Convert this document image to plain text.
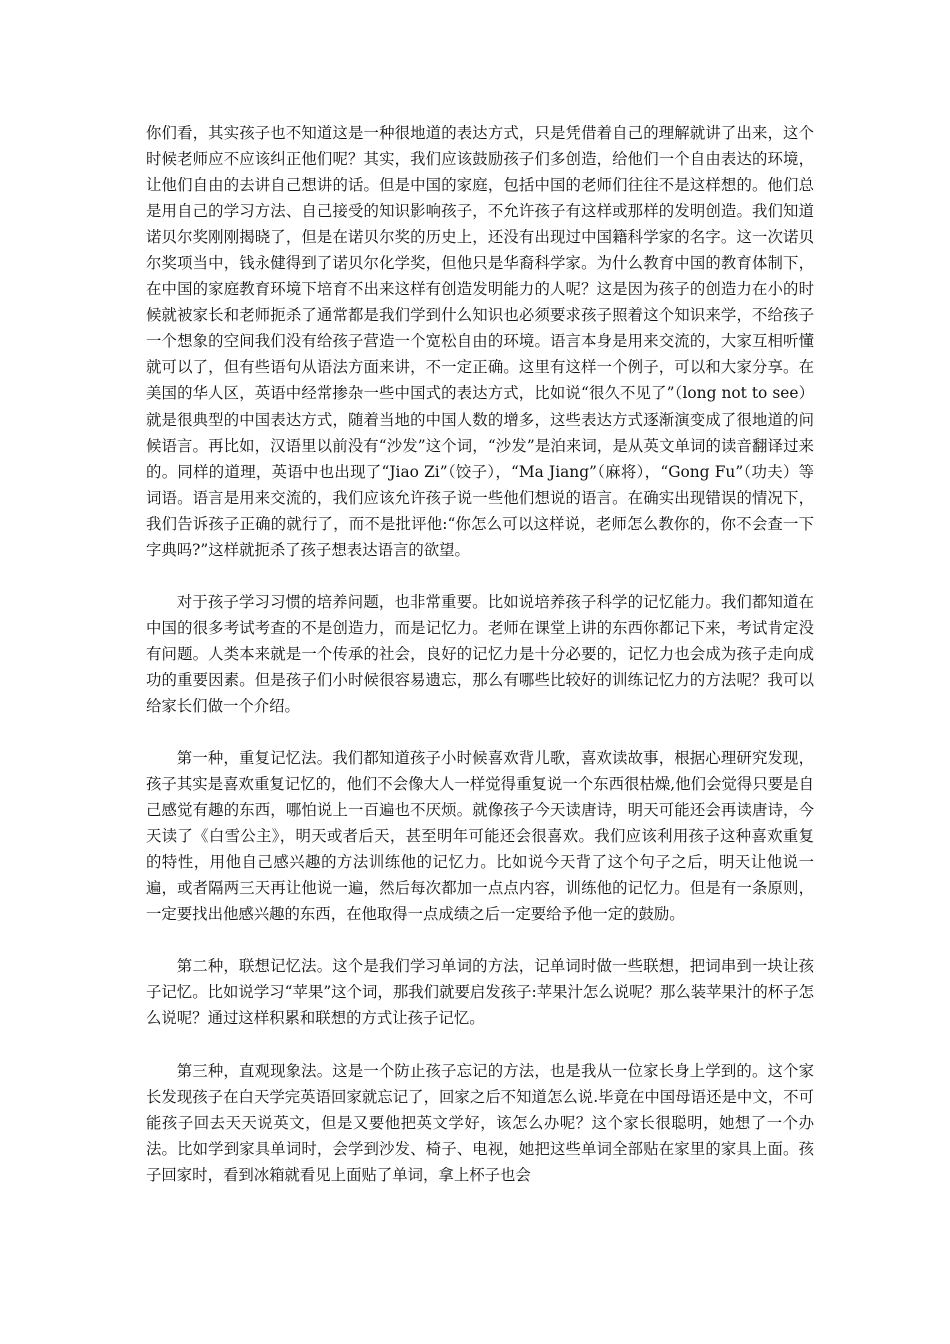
你们看，其实孩子也不知道这是一种很地道的表达方式，只是凭借着自己的理解就讲了出来，这个时候老师应不应该纠正他们呢？其实，我们应该鼓励孩子们多创造，给他们一个自由表达的环境，让他们自由的去讲自己想讲的话。但是中国的家庭，包括中国的老师们往往不是这样想的。他们总是用自己的学习方法、自己接受的知识影响孩子，不允许孩子有这样或那样的发明创造。我们知道诺贝尔奖刚刚揭晓了，但是在诺贝尔奖的历史上，还没有出现过中国籍科学家的名字。这一次诺贝尔奖项当中，钱永健得到了诺贝尔化学奖，但他只是华裔科学家。为什么教育中国的教育体制下，在中国的家庭教育环境下培育不出来这样有创造发明能力的人呢？这是因为孩子的创造力在小的时候就被家长和老师扼杀了通常都是我们学到什么知识也必须要求孩子照着这个知识来学，不给孩子一个想象的空间我们没有给孩子营造一个宽松自由的环境。语言本身是用来交流的，大家互相听懂就可以了，但有些语句从语法方面来讲，不一定正确。这里有这样一个例子，可以和大家分享。在美国的华人区，英语中经常掺杂一些中国式的表达方式，比如说“很久不见了”（long not to see）就是很典型的中国表达方式，随着当地的中国人数的增多，这些表达方式逐渐演变成了很地道的问候语言。再比如，汉语里以前没有“沙发”这个词，“沙发”是泊来词，是从英文单词的读音翻译过来的。同样的道理，英语中也出现了“Jiao Zi”（饺子），“Ma Jiang”（麻将），“Gong Fu”（功夫）等词语。语言是用来交流的，我们应该允许孩子说一些他们想说的语言。在确实出现错误的情况下，我们告诉孩子正确的就行了，而不是批评他:“你怎么可以这样说，老师怎么教你的，你不会查一下字典吗?”这样就扼杀了孩子想表达语言的欲望。

对于孩子学习习惯的培养问题，也非常重要。比如说培养孩子科学的记忆能力。我们都知道在中国的很多考试考查的不是创造力，而是记忆力。老师在课堂上讲的东西你都记下来，考试肯定没有问题。人类本来就是一个传承的社会，良好的记忆力是十分必要的，记忆力也会成为孩子走向成功的重要因素。但是孩子们小时候很容易遗忘，那么有哪些比较好的训练记忆力的方法呢？我可以给家长们做一个介绍。

第一种，重复记忆法。我们都知道孩子小时候喜欢背儿歌，喜欢读故事，根据心理研究发现，孩子其实是喜欢重复记忆的，他们不会像大人一样觉得重复说一个东西很枯燥,他们会觉得只要是自己感觉有趣的东西，哪怕说上一百遍也不厌烦。就像孩子今天读唐诗，明天可能还会再读唐诗，今天读了《白雪公主》，明天或者后天，甚至明年可能还会很喜欢。我们应该利用孩子这种喜欢重复的特性，用他自己感兴趣的方法训练他的记忆力。比如说今天背了这个句子之后，明天让他说一遍，或者隔两三天再让他说一遍，然后每次都加一点点内容，训练他的记忆力。但是有一条原则，一定要找出他感兴趣的东西，在他取得一点成绩之后一定要给予他一定的鼓励。

第二种，联想记忆法。这个是我们学习单词的方法，记单词时做一些联想，把词串到一块让孩子记忆。比如说学习“苹果”这个词，那我们就要启发孩子:苹果汁怎么说呢？那么装苹果汁的杯子怎么说呢？通过这样积累和联想的方式让孩子记忆。

第三种，直观现象法。这是一个防止孩子忘记的方法，也是我从一位家长身上学到的。这个家长发现孩子在白天学完英语回家就忘记了，回家之后不知道怎么说.毕竟在中国母语还是中文，不可能孩子回去天天说英文，但是又要他把英文学好，该怎么办呢？这个家长很聪明，她想了一个办法。比如学到家具单词时，会学到沙发、椅子、电视，她把这些单词全部贴在家里的家具上面。孩子回家时，看到冰箱就看见上面贴了单词，拿上杯子也会
